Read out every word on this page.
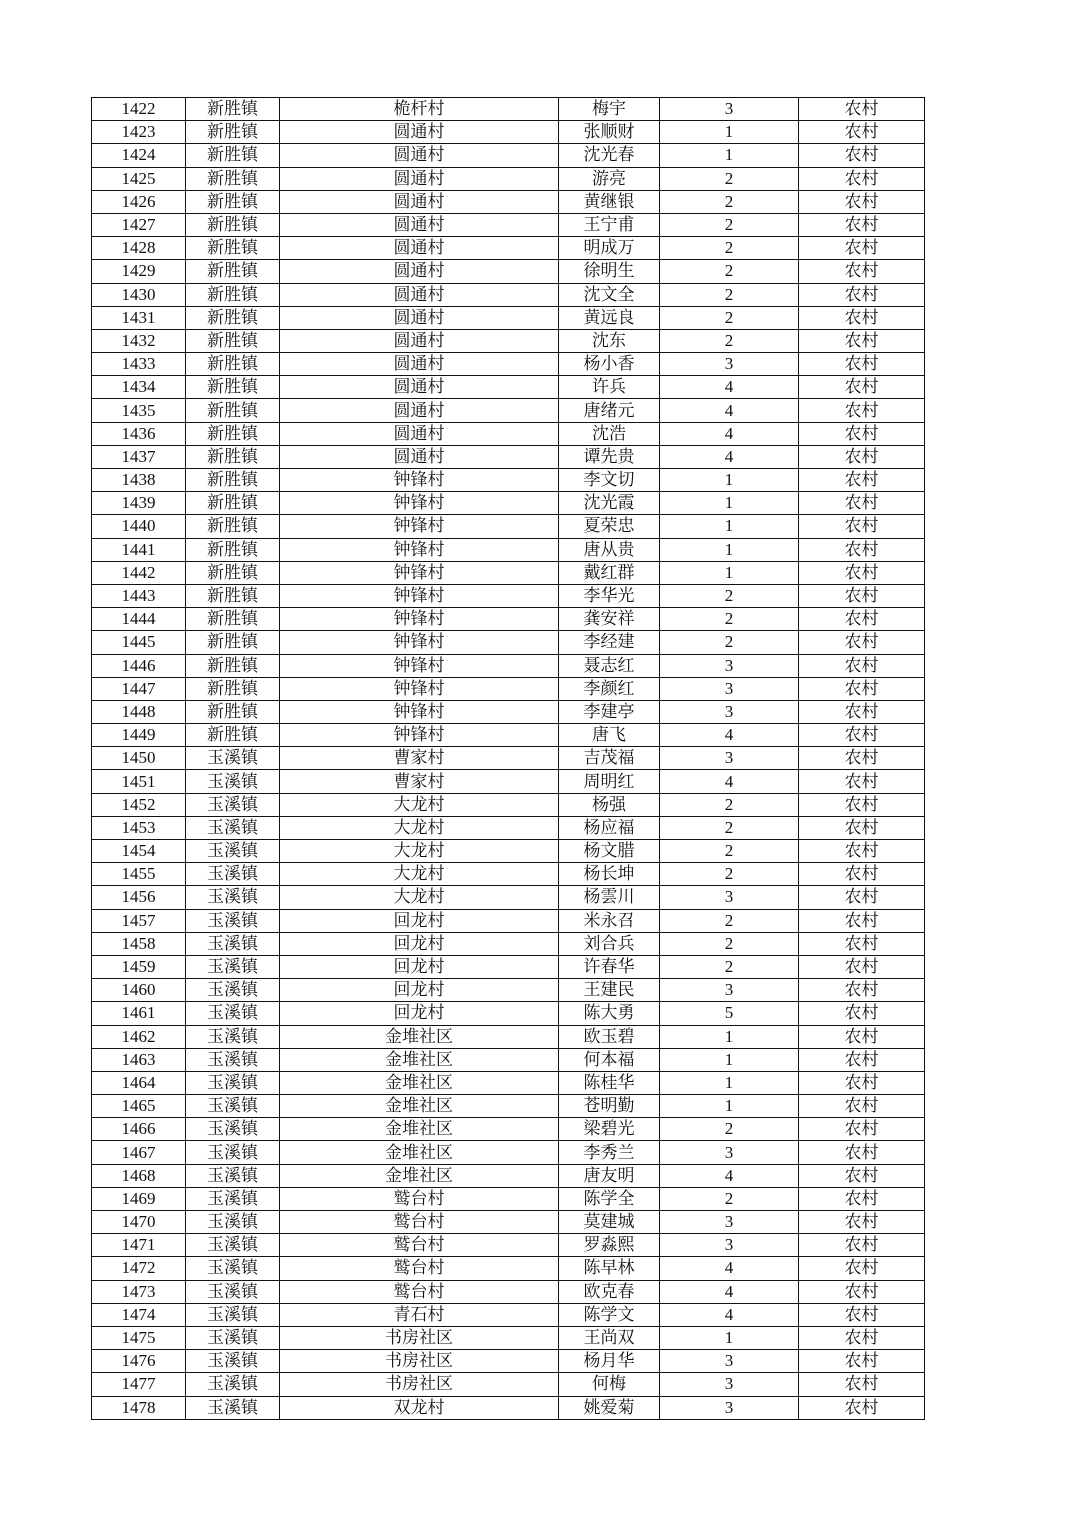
1422	新胜镇	桅杆村	梅宇	3	农村
1423	新胜镇	圆通村	张顺财	1	农村
1424	新胜镇	圆通村	沈光春	1	农村
1425	新胜镇	圆通村	游亮	2	农村
1426	新胜镇	圆通村	黄继银	2	农村
1427	新胜镇	圆通村	王宁甫	2	农村
1428	新胜镇	圆通村	明成万	2	农村
1429	新胜镇	圆通村	徐明生	2	农村
1430	新胜镇	圆通村	沈文全	2	农村
1431	新胜镇	圆通村	黄远良	2	农村
1432	新胜镇	圆通村	沈东	2	农村
1433	新胜镇	圆通村	杨小香	3	农村
1434	新胜镇	圆通村	许兵	4	农村
1435	新胜镇	圆通村	唐绪元	4	农村
1436	新胜镇	圆通村	沈浩	4	农村
1437	新胜镇	圆通村	谭先贵	4	农村
1438	新胜镇	钟锋村	李文切	1	农村
1439	新胜镇	钟锋村	沈光霞	1	农村
1440	新胜镇	钟锋村	夏荣忠	1	农村
1441	新胜镇	钟锋村	唐从贵	1	农村
1442	新胜镇	钟锋村	戴红群	1	农村
1443	新胜镇	钟锋村	李华光	2	农村
1444	新胜镇	钟锋村	龚安祥	2	农村
1445	新胜镇	钟锋村	李经建	2	农村
1446	新胜镇	钟锋村	聂志红	3	农村
1447	新胜镇	钟锋村	李颜红	3	农村
1448	新胜镇	钟锋村	李建亭	3	农村
1449	新胜镇	钟锋村	唐飞	4	农村
1450	玉溪镇	曹家村	吉茂福	3	农村
1451	玉溪镇	曹家村	周明红	4	农村
1452	玉溪镇	大龙村	杨强	2	农村
1453	玉溪镇	大龙村	杨应福	2	农村
1454	玉溪镇	大龙村	杨文腊	2	农村
1455	玉溪镇	大龙村	杨长坤	2	农村
1456	玉溪镇	大龙村	杨雲川	3	农村
1457	玉溪镇	回龙村	米永召	2	农村
1458	玉溪镇	回龙村	刘合兵	2	农村
1459	玉溪镇	回龙村	许春华	2	农村
1460	玉溪镇	回龙村	王建民	3	农村
1461	玉溪镇	回龙村	陈大勇	5	农村
1462	玉溪镇	金堆社区	欧玉碧	1	农村
1463	玉溪镇	金堆社区	何本福	1	农村
1464	玉溪镇	金堆社区	陈桂华	1	农村
1465	玉溪镇	金堆社区	苍明勤	1	农村
1466	玉溪镇	金堆社区	梁碧光	2	农村
1467	玉溪镇	金堆社区	李秀兰	3	农村
1468	玉溪镇	金堆社区	唐友明	4	农村
1469	玉溪镇	鹫台村	陈学全	2	农村
1470	玉溪镇	鹫台村	莫建城	3	农村
1471	玉溪镇	鹫台村	罗淼熙	3	农村
1472	玉溪镇	鹫台村	陈早林	4	农村
1473	玉溪镇	鹫台村	欧克春	4	农村
1474	玉溪镇	青石村	陈学文	4	农村
1475	玉溪镇	书房社区	王尚双	1	农村
1476	玉溪镇	书房社区	杨月华	3	农村
1477	玉溪镇	书房社区	何梅	3	农村
1478	玉溪镇	双龙村	姚爱菊	3	农村
